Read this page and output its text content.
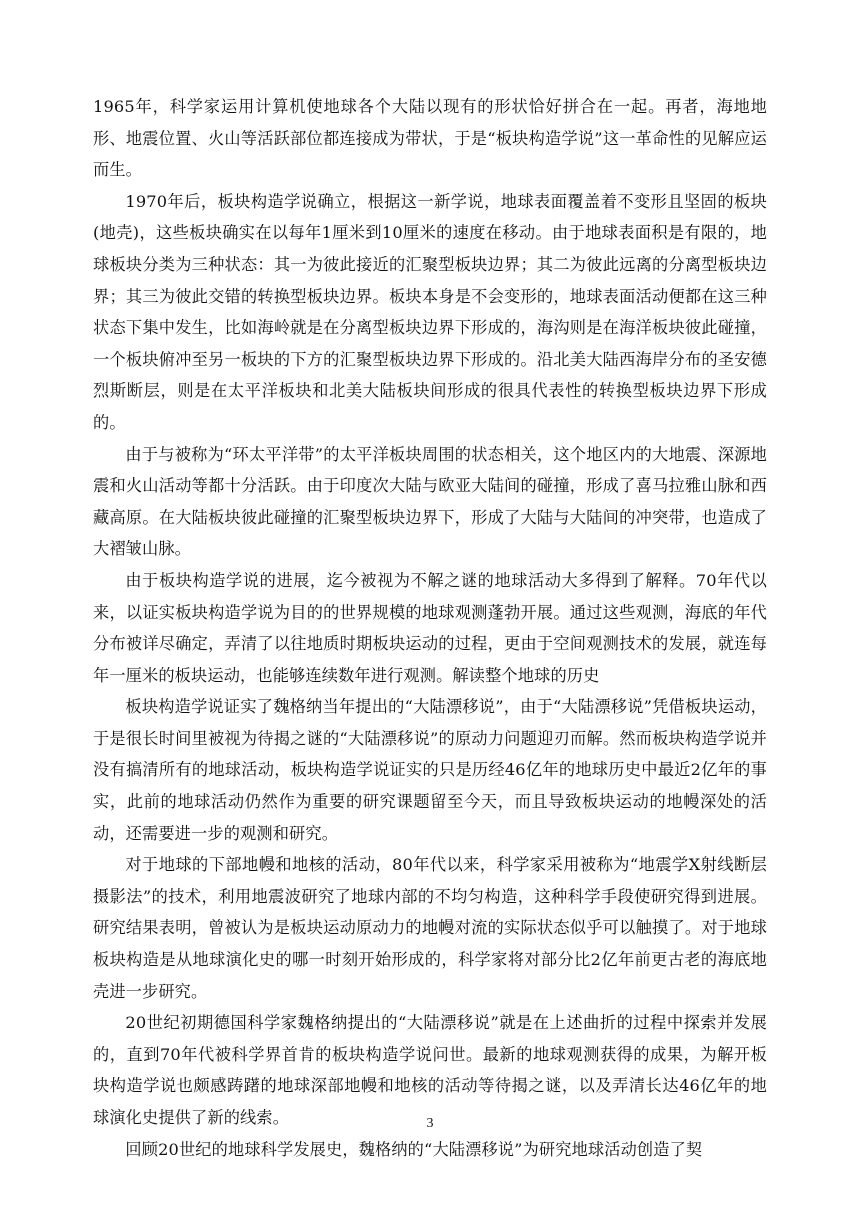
1965年，科学家运用计算机使地球各个大陆以现有的形状恰好拼合在一起。再者，海地地形、地震位置、火山等活跃部位都连接成为带状，于是“板块构造学说”这一革命性的见解应运而生。

1970年后，板块构造学说确立，根据这一新学说，地球表面覆盖着不变形且坚固的板块(地壳)，这些板块确实在以每年1厘米到10厘米的速度在移动。由于地球表面积是有限的，地球板块分类为三种状态：其一为彼此接近的汇聚型板块边界；其二为彼此远离的分离型板块边界；其三为彼此交错的转换型板块边界。板块本身是不会变形的，地球表面活动便都在这三种状态下集中发生，比如海岭就是在分离型板块边界下形成的，海沟则是在海洋板块彼此碰撞，一个板块俯冲至另一板块的下方的汇聚型板块边界下形成的。沿北美大陆西海岸分布的圣安德烈斯断层，则是在太平洋板块和北美大陆板块间形成的很具代表性的转换型板块边界下形成的。

由于与被称为“环太平洋带”的太平洋板块周围的状态相关，这个地区内的大地震、深源地震和火山活动等都十分活跃。由于印度次大陆与欧亚大陆间的碰撞，形成了喜马拉雅山脉和西藏高原。在大陆板块彼此碰撞的汇聚型板块边界下，形成了大陆与大陆间的冲突带，也造成了大褶皱山脉。

由于板块构造学说的进展，迄今被视为不解之谜的地球活动大多得到了解释。70年代以来，以证实板块构造学说为目的的世界规模的地球观测蓬勃开展。通过这些观测，海底的年代分布被详尽确定，弄清了以往地质时期板块运动的过程，更由于空间观测技术的发展，就连每年一厘米的板块运动，也能够连续数年进行观测。解读整个地球的历史

板块构造学说证实了魏格纳当年提出的“大陆漂移说”，由于“大陆漂移说”凭借板块运动，于是很长时间里被视为待揭之谜的“大陆漂移说”的原动力问题迎刃而解。然而板块构造学说并没有搞清所有的地球活动，板块构造学说证实的只是历经46亿年的地球历史中最近2亿年的事实，此前的地球活动仍然作为重要的研究课题留至今天，而且导致板块运动的地幔深处的活动，还需要进一步的观测和研究。

对于地球的下部地幔和地核的活动，80年代以来，科学家采用被称为“地震学X射线断层摄影法”的技术，利用地震波研究了地球内部的不均匀构造，这种科学手段使研究得到进展。研究结果表明，曾被认为是板块运动原动力的地幔对流的实际状态似乎可以触摸了。对于地球板块构造是从地球演化史的哪一时刻开始形成的，科学家将对部分比2亿年前更古老的海底地壳进一步研究。

20世纪初期德国科学家魏格纳提出的“大陆漂移说”就是在上述曲折的过程中探索并发展的，直到70年代被科学界首肯的板块构造学说问世。最新的地球观测获得的成果，为解开板块构造学说也颇感踌躇的地球深部地幔和地核的活动等待揭之谜，以及弄清长达46亿年的地球演化史提供了新的线索。

回顾20世纪的地球科学发展史，魏格纳的“大陆漂移说”为研究地球活动创造了契

3
